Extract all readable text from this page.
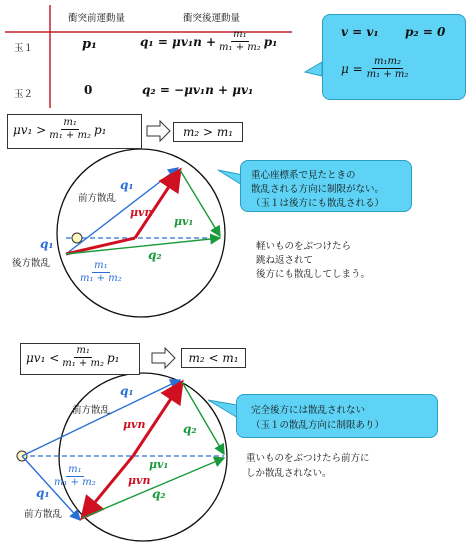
衝突前運動量	衝突後運動量
玉１	p₁	$q_1 = \mu v_1n + \frac{\text{m₁}}{\text{m₁ + m₂}} p_1$
玉２	0	q₂ = −μv₁n + μv₁
v = v₁ p₂ = 0
$\mu = \frac{\text{m₁m₂}}{\text{m₁ + m₂}}$
$\mu v_1 > \frac{\text{m₁}}{\text{m₁ + m₂}} p_1$	m₂ > m₁
前方散乱
q₁
q₁
後方散乱
μvn
μv₁
q₂
$\frac{\text{m₁}}{\text{m₁ + m₂}}$
重心座標系で見たときの
散乱される方向に制限がない。
（玉１は後方にも散乱される）
軽いものをぶつけたら
跳ね返されて
後方にも散乱してしまう。
$\mu v_1 < \frac{\text{m₁}}{\text{m₁ + m₂}} p_1$	m₂ < m₁
前方散乱
q₁
μvn	q₂
μv₁
$\frac{\text{m₁}}{\text{m₁ + m₂}}$	μvn
q₁	q₂
前方散乱
完全後方には散乱されない
（玉１の散乱方向に制限あり）
重いものをぶつけたら前方に
しか散乱されない。
